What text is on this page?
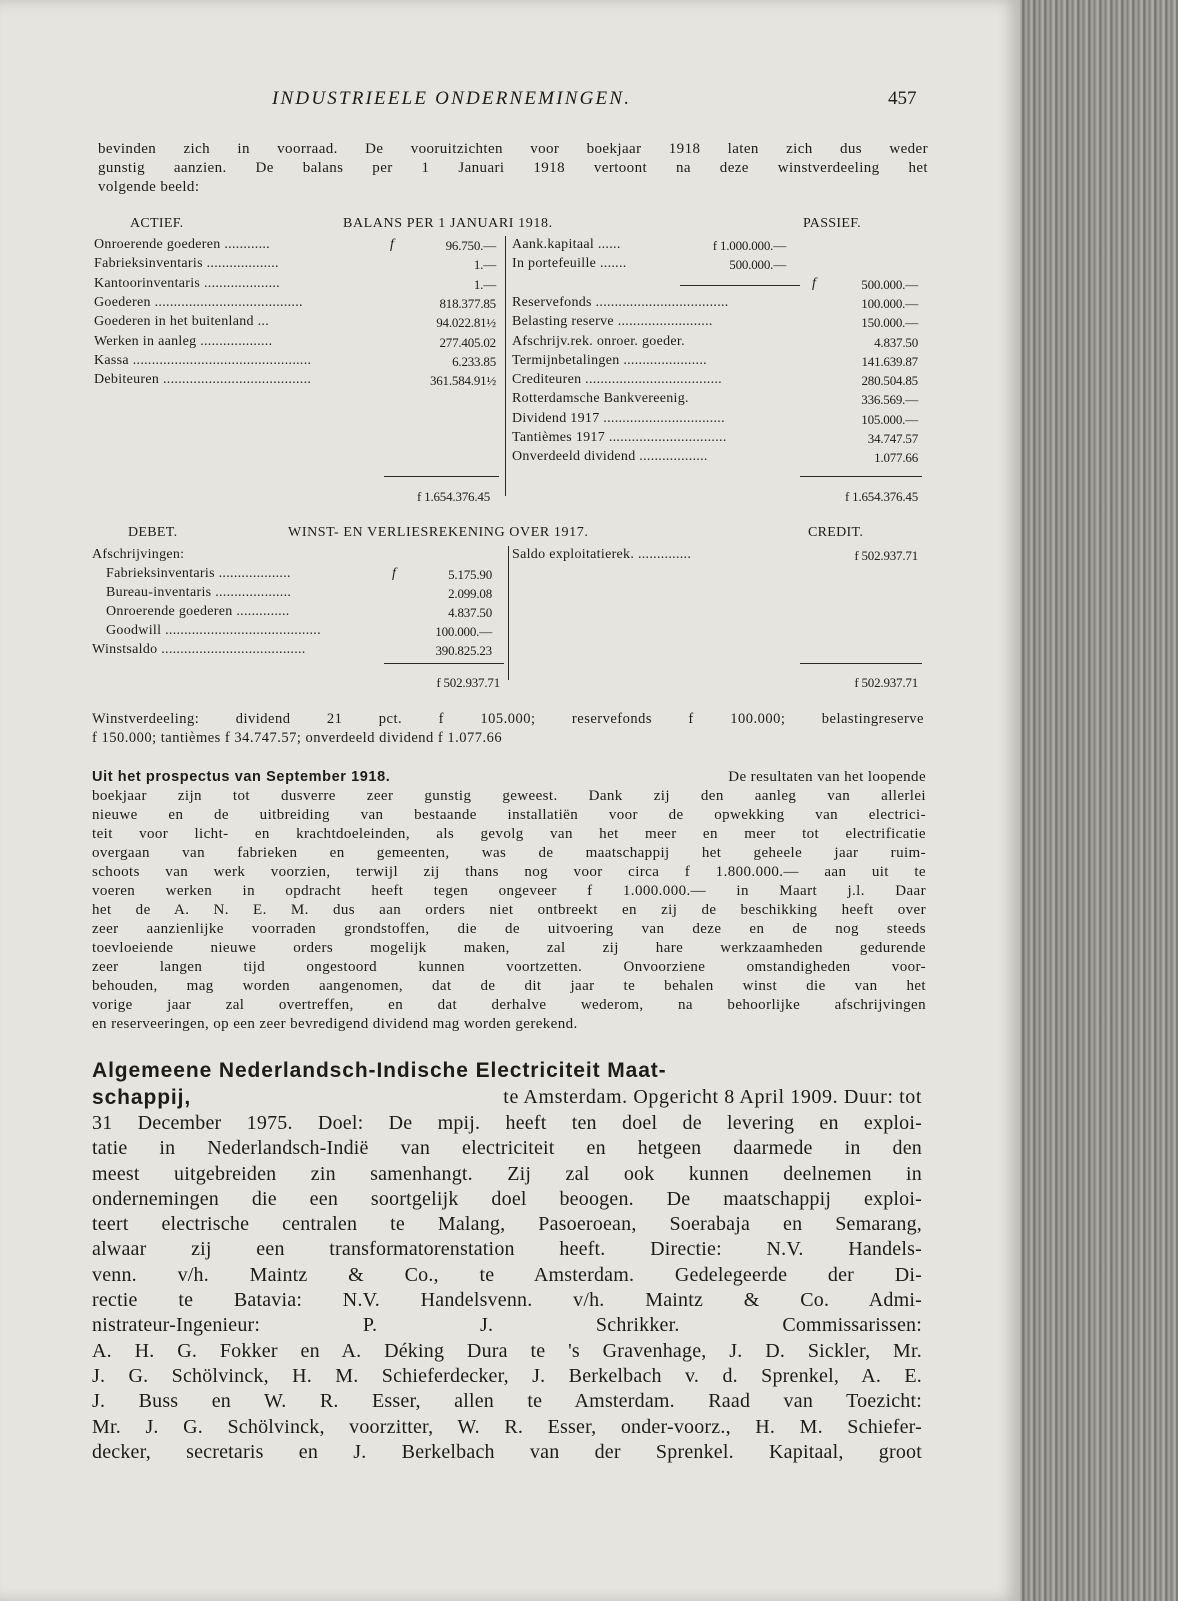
INDUSTRIEELE ONDERNEMINGEN.	457
bevinden zich in voorraad. De vooruitzichten voor boekjaar 1918 laten zich dus weder
gunstig aanzien. De balans per 1 Januari 1918 vertoont na deze winstverdeeling het
volgende beeld:
ACTIEF.	BALANS PER 1 JANUARI 1918.	PASSIEF.
Onroerende goederen ............	f	96.750.—
Fabrieksinventaris ...................	1.—
Kantoorinventaris ....................	1.—
Goederen .......................................	818.377.85
Goederen in het buitenland ...	94.022.81½
Werken in aanleg ...................	277.405.02
Kassa ...............................................	6.233.85
Debiteuren .......................................	361.584.91½
Aank.kapitaal ......	f 1.000.000.—
In portefeuille .......	500.000.—
f	500.000.—
Reservefonds ...................................	100.000.—
Belasting reserve .........................	150.000.—
Afschrijv.rek. onroer. goeder.	4.837.50
Termijnbetalingen ......................	141.639.87
Crediteuren ....................................	280.504.85
Rotterdamsche Bankvereenig.	336.569.—
Dividend 1917 ................................	105.000.—
Tantièmes 1917 ...............................	34.747.57
Onverdeeld dividend ..................	1.077.66
f 1.654.376.45	f 1.654.376.45
DEBET.	WINST- EN VERLIESREKENING OVER 1917.	CREDIT.
Afschrijvingen:
Fabrieksinventaris ...................	f	5.175.90
Bureau-inventaris ....................	2.099.08
Onroerende goederen ..............	4.837.50
Goodwill .........................................	100.000.—
Winstsaldo ......................................	390.825.23
Saldo exploitatierek. ..............	f 502.937.71
f 502.937.71	f 502.937.71
Winstverdeeling: dividend 21 pct. f 105.000; reservefonds f 100.000; belastingreserve
f 150.000; tantièmes f 34.747.57; onverdeeld dividend f 1.077.66
Uit het prospectus van September 1918.	De resultaten van het loopende
boekjaar zijn tot dusverre zeer gunstig geweest. Dank zij den aanleg van allerlei
nieuwe en de uitbreiding van bestaande installatiën voor de opwekking van electrici-
teit voor licht- en krachtdoeleinden, als gevolg van het meer en meer tot electrificatie
overgaan van fabrieken en gemeenten, was de maatschappij het geheele jaar ruim-
schoots van werk voorzien, terwijl zij thans nog voor circa f 1.800.000.— aan uit te
voeren werken in opdracht heeft tegen ongeveer f 1.000.000.— in Maart j.l. Daar
het de A. N. E. M. dus aan orders niet ontbreekt en zij de beschikking heeft over
zeer aanzienlijke voorraden grondstoffen, die de uitvoering van deze en de nog steeds
toevloeiende nieuwe orders mogelijk maken, zal zij hare werkzaamheden gedurende
zeer langen tijd ongestoord kunnen voortzetten. Onvoorziene omstandigheden voor-
behouden, mag worden aangenomen, dat de dit jaar te behalen winst die van het
vorige jaar zal overtreffen, en dat derhalve wederom, na behoorlijke afschrijvingen
en reserveeringen, op een zeer bevredigend dividend mag worden gerekend.
Algemeene Nederlandsch-Indische Electriciteit Maat-
schappij,	te Amsterdam. Opgericht 8 April 1909. Duur: tot
31 December 1975. Doel: De mpij. heeft ten doel de levering en exploi-
tatie in Nederlandsch-Indië van electriciteit en hetgeen daarmede in den
meest uitgebreiden zin samenhangt. Zij zal ook kunnen deelnemen in
ondernemingen die een soortgelijk doel beoogen. De maatschappij exploi-
teert electrische centralen te Malang, Pasoeroean, Soerabaja en Semarang,
alwaar zij een transformatorenstation heeft. Directie: N.V. Handels-
venn. v/h. Maintz & Co., te Amsterdam. Gedelegeerde der Di-
rectie te Batavia: N.V. Handelsvenn. v/h. Maintz & Co. Admi-
nistrateur-Ingenieur: P. J. Schrikker. Commissarissen:
A. H. G. Fokker en A. Déking Dura te 's Gravenhage, J. D. Sickler, Mr.
J. G. Schölvinck, H. M. Schieferdecker, J. Berkelbach v. d. Sprenkel, A. E.
J. Buss en W. R. Esser, allen te Amsterdam. Raad van Toezicht:
Mr. J. G. Schölvinck, voorzitter, W. R. Esser, onder-voorz., H. M. Schiefer-
decker, secretaris en J. Berkelbach van der Sprenkel. Kapitaal, groot
